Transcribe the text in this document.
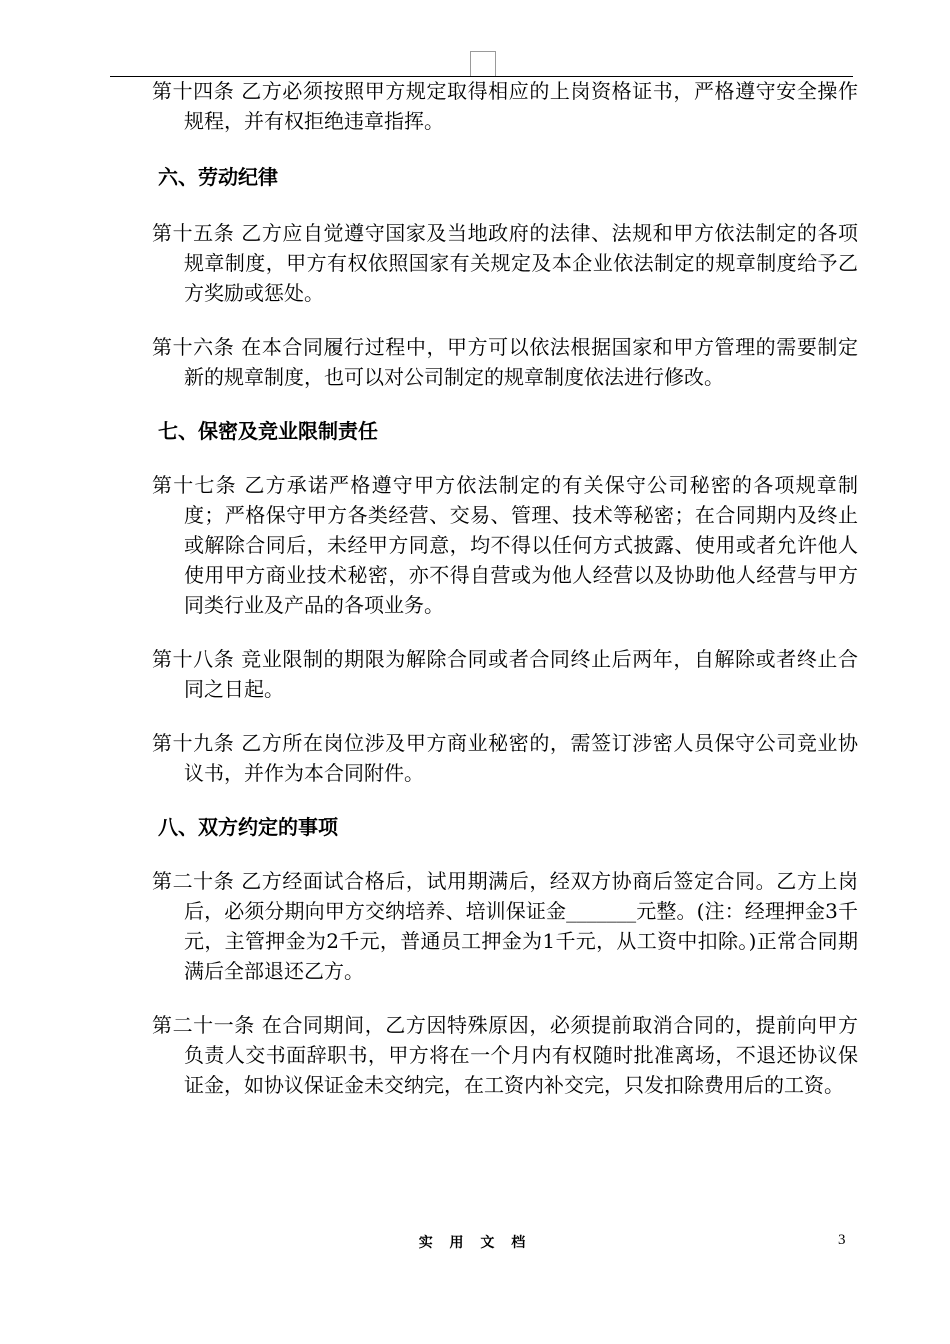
第十四条 乙方必须按照甲方规定取得相应的上岗资格证书，严格遵守安全操作规程，并有权拒绝违章指挥。

六、劳动纪律

第十五条 乙方应自觉遵守国家及当地政府的法律、法规和甲方依法制定的各项规章制度，甲方有权依照国家有关规定及本企业依法制定的规章制度给予乙方奖励或惩处。

第十六条 在本合同履行过程中，甲方可以依法根据国家和甲方管理的需要制定新的规章制度，也可以对公司制定的规章制度依法进行修改。

七、保密及竞业限制责任

第十七条 乙方承诺严格遵守甲方依法制定的有关保守公司秘密的各项规章制度；严格保守甲方各类经营、交易、管理、技术等秘密；在合同期内及终止或解除合同后，未经甲方同意，均不得以任何方式披露、使用或者允许他人使用甲方商业技术秘密，亦不得自营或为他人经营以及协助他人经营与甲方同类行业及产品的各项业务。

第十八条 竞业限制的期限为解除合同或者合同终止后两年，自解除或者终止合同之日起。

第十九条 乙方所在岗位涉及甲方商业秘密的，需签订涉密人员保守公司竞业协议书，并作为本合同附件。

八、双方约定的事项

第二十条 乙方经面试合格后，试用期满后，经双方协商后签定合同。乙方上岗后，必须分期向甲方交纳培养、培训保证金_______元整。(注：经理押金3千元，主管押金为2千元，普通员工押金为1千元，从工资中扣除。)正常合同期满后全部退还乙方。

第二十一条 在合同期间，乙方因特殊原因，必须提前取消合同的，提前向甲方负责人交书面辞职书，甲方将在一个月内有权随时批准离场，不退还协议保证金，如协议保证金未交纳完，在工资内补交完，只发扣除费用后的工资。

实 用 文 档	3
